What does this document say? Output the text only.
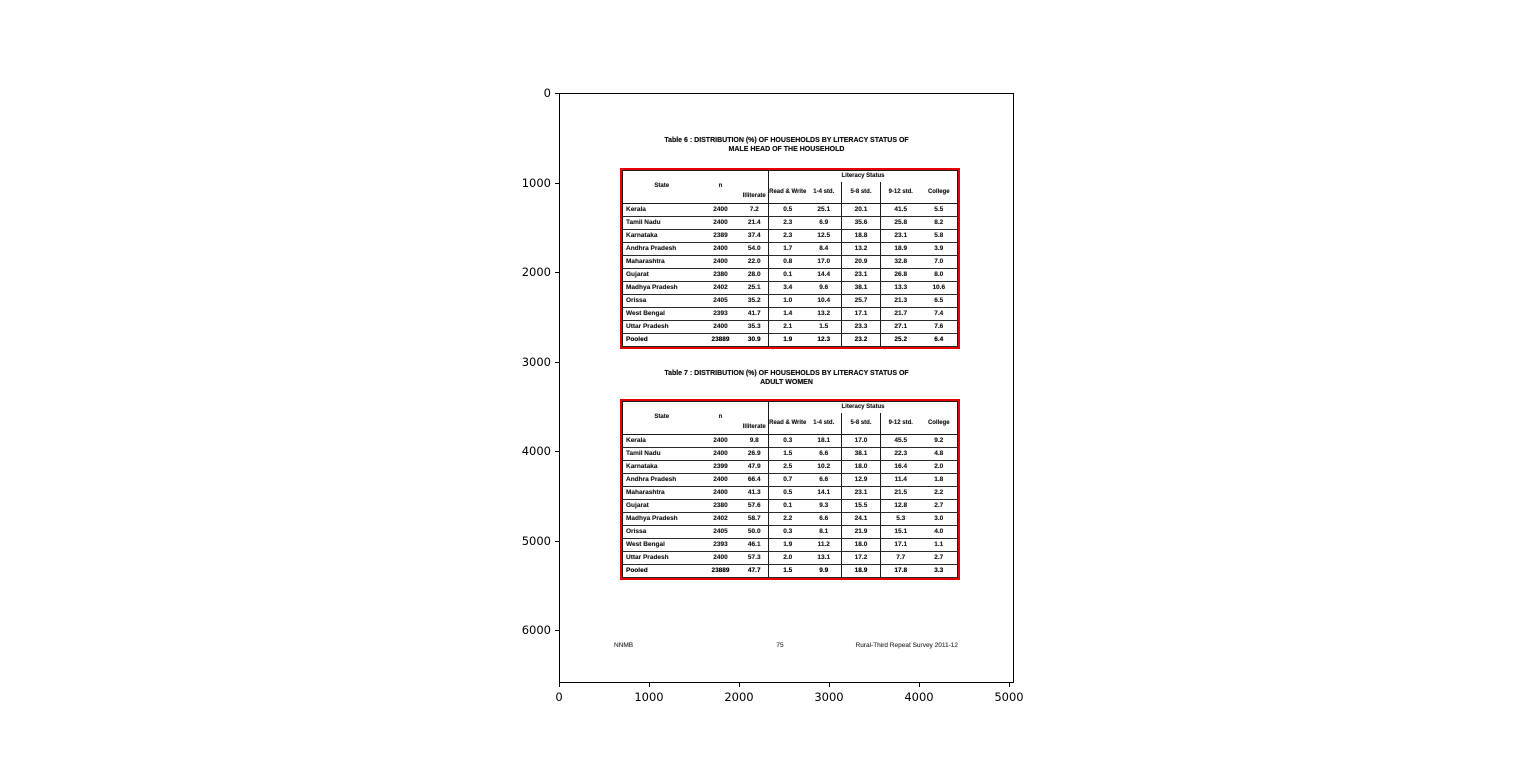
0	1000	2000	3000	4000	5000
0
1000
2000
3000
4000
5000
6000
Table 6 : DISTRIBUTION (%) OF HOUSEHOLDS BY LITERACY STATUS OF
MALE HEAD OF THE HOUSEHOLD
State	n	Illiterate	Literacy Status				
			Read & Write	1-4 std.	5-8 std.	9-12 std.	College
Kerala	2400	7.2	0.5	25.1	20.1	41.5	5.5
Tamil Nadu	2400	21.4	2.3	6.9	35.6	25.8	8.2
Karnataka	2389	37.4	2.3	12.5	18.8	23.1	5.8
Andhra Pradesh	2400	54.0	1.7	8.4	13.2	18.9	3.9
Maharashtra	2400	22.0	0.8	17.0	20.9	32.8	7.0
Gujarat	2380	28.0	0.1	14.4	23.1	26.8	8.0
Madhya Pradesh	2402	25.1	3.4	9.6	38.1	13.3	10.6
Orissa	2405	35.2	1.0	10.4	25.7	21.3	6.5
West Bengal	2393	41.7	1.4	13.2	17.1	21.7	7.4
Uttar Pradesh	2400	35.3	2.1	1.5	23.3	27.1	7.6
Pooled	23889	30.9	1.9	12.3	23.2	25.2	6.4
Table 7 : DISTRIBUTION (%) OF HOUSEHOLDS BY LITERACY STATUS OF
ADULT WOMEN
State	n	Illiterate	Literacy Status				
			Read & Write	1-4 std.	5-8 std.	9-12 std.	College
Kerala	2400	9.8	0.3	18.1	17.0	45.5	9.2
Tamil Nadu	2400	26.9	1.5	6.6	38.1	22.3	4.8
Karnataka	2399	47.9	2.5	10.2	18.0	16.4	2.0
Andhra Pradesh	2400	66.4	0.7	6.6	12.9	11.4	1.8
Maharashtra	2400	41.3	0.5	14.1	23.1	21.5	2.2
Gujarat	2380	57.6	0.1	9.3	15.5	12.8	2.7
Madhya Pradesh	2402	58.7	2.2	6.6	24.1	5.3	3.0
Orissa	2405	50.0	0.3	8.1	21.9	15.1	4.0
West Bengal	2393	46.1	1.9	11.2	18.0	17.1	1.1
Uttar Pradesh	2400	57.3	2.0	13.1	17.2	7.7	2.7
Pooled	23889	47.7	1.5	9.9	18.9	17.8	3.3
NNMB	75	Rural-Third Repeat Survey 2011-12
